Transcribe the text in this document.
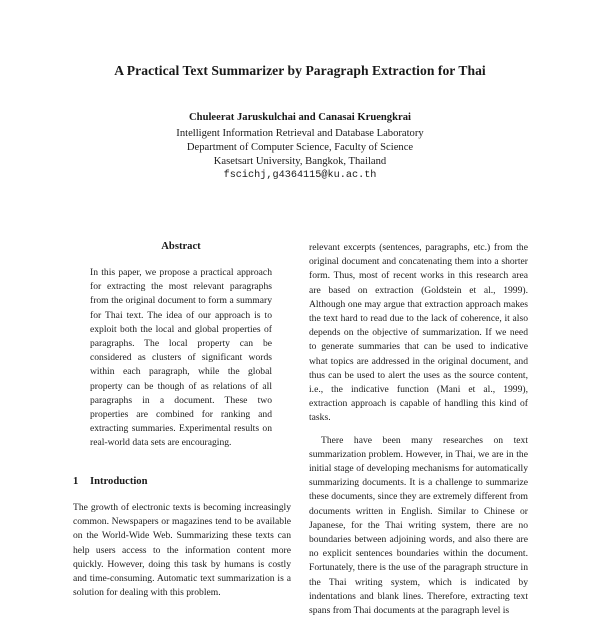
A Practical Text Summarizer by Paragraph Extraction for Thai
Chuleerat Jaruskulchai and Canasai Kruengkrai
Intelligent Information Retrieval and Database Laboratory
Department of Computer Science, Faculty of Science
Kasetsart University, Bangkok, Thailand
fscichj,g4364115@ku.ac.th
Abstract

In this paper, we propose a practical approach for extracting the most relevant paragraphs from the original document to form a summary for Thai text. The idea of our approach is to exploit both the local and global properties of paragraphs. The local property can be considered as clusters of significant words within each paragraph, while the global property can be though of as relations of all paragraphs in a document. These two properties are combined for ranking and extracting summaries. Experimental results on real-world data sets are encouraging.

1 Introduction

The growth of electronic texts is becoming increasingly common. Newspapers or magazines tend to be available on the World-Wide Web. Summarizing these texts can help users access to the information content more quickly. However, doing this task by humans is costly and time-consuming. Automatic text summarization is a solution for dealing with this problem.

relevant excerpts (sentences, paragraphs, etc.) from the original document and concatenating them into a shorter form. Thus, most of recent works in this research area are based on extraction (Goldstein et al., 1999). Although one may argue that extraction approach makes the text hard to read due to the lack of coherence, it also depends on the objective of summarization. If we need to generate summaries that can be used to indicative what topics are addressed in the original document, and thus can be used to alert the uses as the source content, i.e., the indicative function (Mani et al., 1999), extraction approach is capable of handling this kind of tasks.

There have been many researches on text summarization problem. However, in Thai, we are in the initial stage of developing mechanisms for automatically summarizing documents. It is a challenge to summarize these documents, since they are extremely different from documents written in English. Similar to Chinese or Japanese, for the Thai writing system, there are no boundaries between adjoining words, and also there are no explicit sentences boundaries within the document. Fortunately, there is the use of the paragraph structure in the Thai writing system, which is indicated by indentations and blank lines. Therefore, extracting text spans from Thai documents at the paragraph level is
